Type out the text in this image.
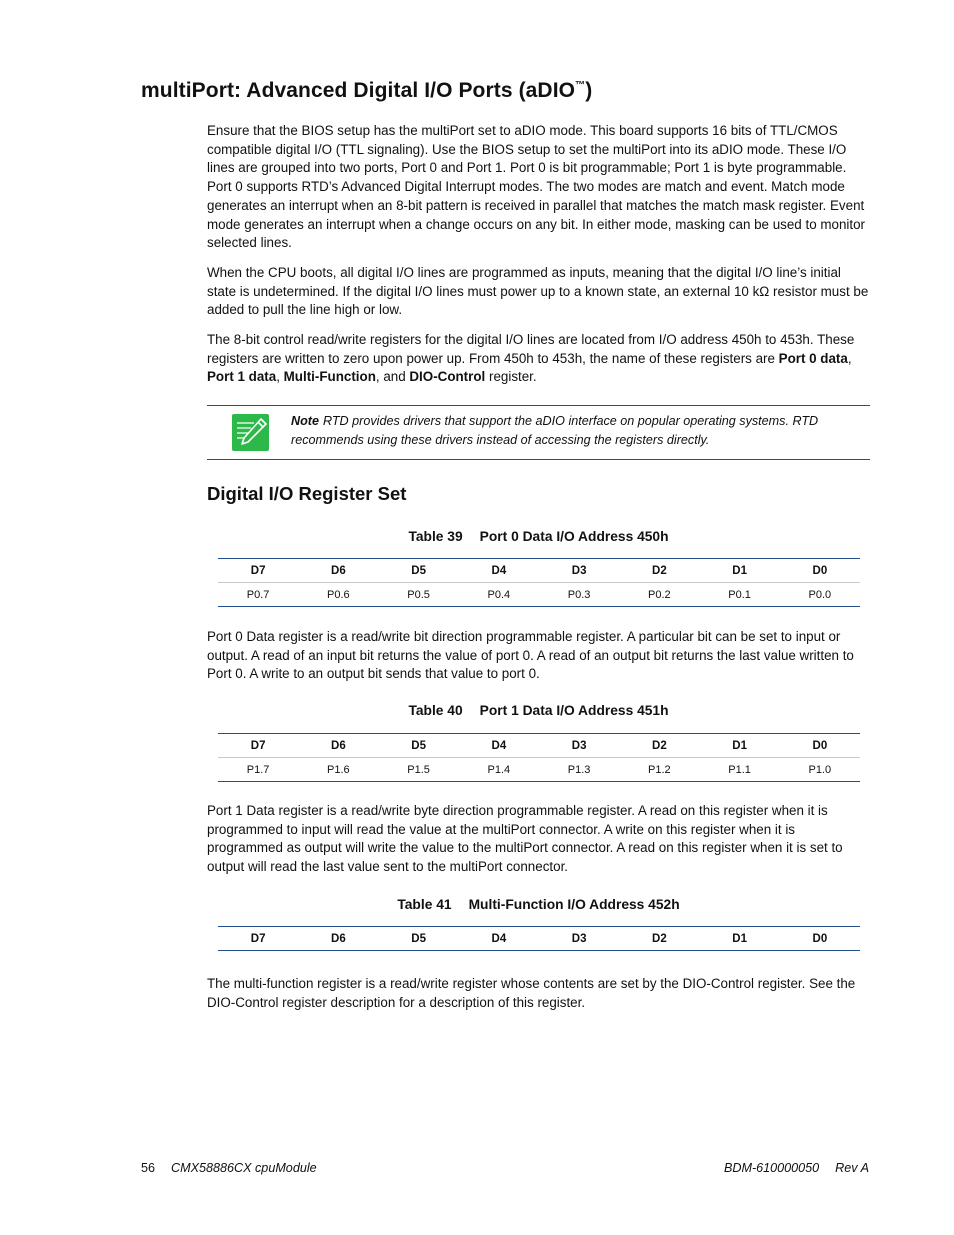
multiPort: Advanced Digital I/O Ports (aDIO™)

Ensure that the BIOS setup has the multiPort set to aDIO mode. This board supports 16 bits of TTL/CMOS compatible digital I/O (TTL signaling). Use the BIOS setup to set the multiPort into its aDIO mode. These I/O lines are grouped into two ports, Port 0 and Port 1. Port 0 is bit programmable; Port 1 is byte programmable. Port 0 supports RTD’s Advanced Digital Interrupt modes. The two modes are match and event. Match mode generates an interrupt when an 8-bit pattern is received in parallel that matches the match mask register. Event mode generates an interrupt when a change occurs on any bit. In either mode, masking can be used to monitor selected lines.

When the CPU boots, all digital I/O lines are programmed as inputs, meaning that the digital I/O line’s initial state is undetermined. If the digital I/O lines must power up to a known state, an external 10 kΩ resistor must be added to pull the line high or low.

The 8-bit control read/write registers for the digital I/O lines are located from I/O address 450h to 453h. These registers are written to zero upon power up. From 450h to 453h, the name of these registers are Port 0 data, Port 1 data, Multi-Function, and DIO-Control register.

Note RTD provides drivers that support the aDIO interface on popular operating systems. RTD recommends using these drivers instead of accessing the registers directly.
Digital I/O Register Set
Table 39 Port 0 Data I/O Address 450h
D7	D6	D5	D4	D3	D2	D1	D0
P0.7	P0.6	P0.5	P0.4	P0.3	P0.2	P0.1	P0.0

Port 0 Data register is a read/write bit direction programmable register. A particular bit can be set to input or output. A read of an input bit returns the value of port 0. A read of an output bit returns the last value written to Port 0. A write to an output bit sends that value to port 0.

Table 40 Port 1 Data I/O Address 451h
D7	D6	D5	D4	D3	D2	D1	D0
P1.7	P1.6	P1.5	P1.4	P1.3	P1.2	P1.1	P1.0

Port 1 Data register is a read/write byte direction programmable register. A read on this register when it is programmed to input will read the value at the multiPort connector. A write on this register when it is programmed as output will write the value to the multiPort connector. A read on this register when it is set to output will read the last value sent to the multiPort connector.

Table 41 Multi-Function I/O Address 452h
D7	D6	D5	D4	D3	D2	D1	D0

The multi-function register is a read/write register whose contents are set by the DIO-Control register. See the DIO-Control register description for a description of this register.

56 CMX58886CX cpuModule	BDM-610000050 Rev A
